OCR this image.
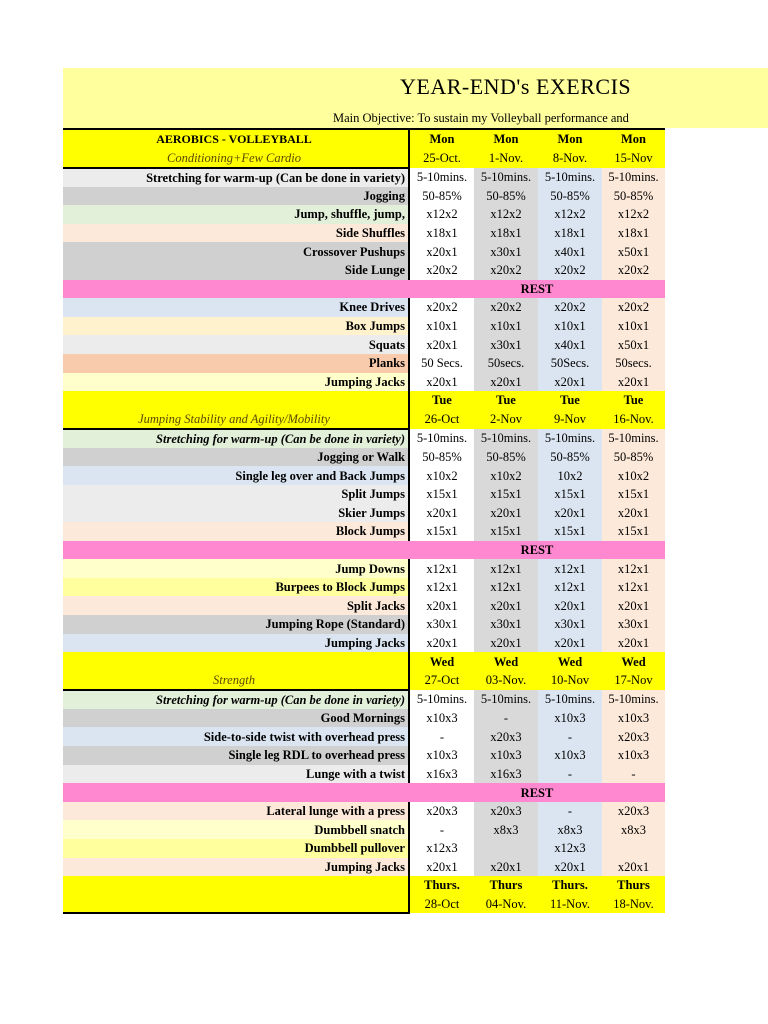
YEAR-END's EXERCIS
Main Objective: To sustain my Volleyball performance and
AEROBICS - VOLLEYBALL	Mon	Mon	Mon	Mon
Conditioning+Few Cardio	25-Oct.	1-Nov.	8-Nov.	15-Nov
Stretching for warm-up (Can be done in variety)	5-10mins.	5-10mins.	5-10mins.	5-10mins.
Jogging	50-85%	50-85%	50-85%	50-85%
Jump, shuffle, jump,	x12x2	x12x2	x12x2	x12x2
Side Shuffles	x18x1	x18x1	x18x1	x18x1
Crossover Pushups	x20x1	x30x1	x40x1	x50x1
Side Lunge	x20x2	x20x2	x20x2	x20x2
	REST			
Knee Drives	x20x2	x20x2	x20x2	x20x2
Box Jumps	x10x1	x10x1	x10x1	x10x1
Squats	x20x1	x30x1	x40x1	x50x1
Planks	50 Secs.	50secs.	50Secs.	50secs.
Jumping Jacks	x20x1	x20x1	x20x1	x20x1
	Tue	Tue	Tue	Tue
Jumping Stability and Agility/Mobility	26-Oct	2-Nov	9-Nov	16-Nov.
Stretching for warm-up (Can be done in variety)	5-10mins.	5-10mins.	5-10mins.	5-10mins.
Jogging or Walk	50-85%	50-85%	50-85%	50-85%
Single leg over and Back Jumps	x10x2	x10x2	10x2	x10x2
Split Jumps	x15x1	x15x1	x15x1	x15x1
Skier Jumps	x20x1	x20x1	x20x1	x20x1
Block Jumps	x15x1	x15x1	x15x1	x15x1
	REST			
Jump Downs	x12x1	x12x1	x12x1	x12x1
Burpees to Block Jumps	x12x1	x12x1	x12x1	x12x1
Split Jacks	x20x1	x20x1	x20x1	x20x1
Jumping Rope (Standard)	x30x1	x30x1	x30x1	x30x1
Jumping Jacks	x20x1	x20x1	x20x1	x20x1
	Wed	Wed	Wed	Wed
Strength	27-Oct	03-Nov.	10-Nov	17-Nov
Stretching for warm-up (Can be done in variety)	5-10mins.	5-10mins.	5-10mins.	5-10mins.
Good Mornings	x10x3	-	x10x3	x10x3
Side-to-side twist with overhead press	-	x20x3	-	x20x3
Single leg RDL to overhead press	x10x3	x10x3	x10x3	x10x3
Lunge with a twist	x16x3	x16x3	-	-
	REST			
Lateral lunge with a press	x20x3	x20x3	-	x20x3
Dumbbell snatch	-	x8x3	x8x3	x8x3
Dumbbell pullover	x12x3		x12x3	
Jumping Jacks	x20x1	x20x1	x20x1	x20x1
	Thurs.	Thurs	Thurs.	Thurs
	28-Oct	04-Nov.	11-Nov.	18-Nov.
